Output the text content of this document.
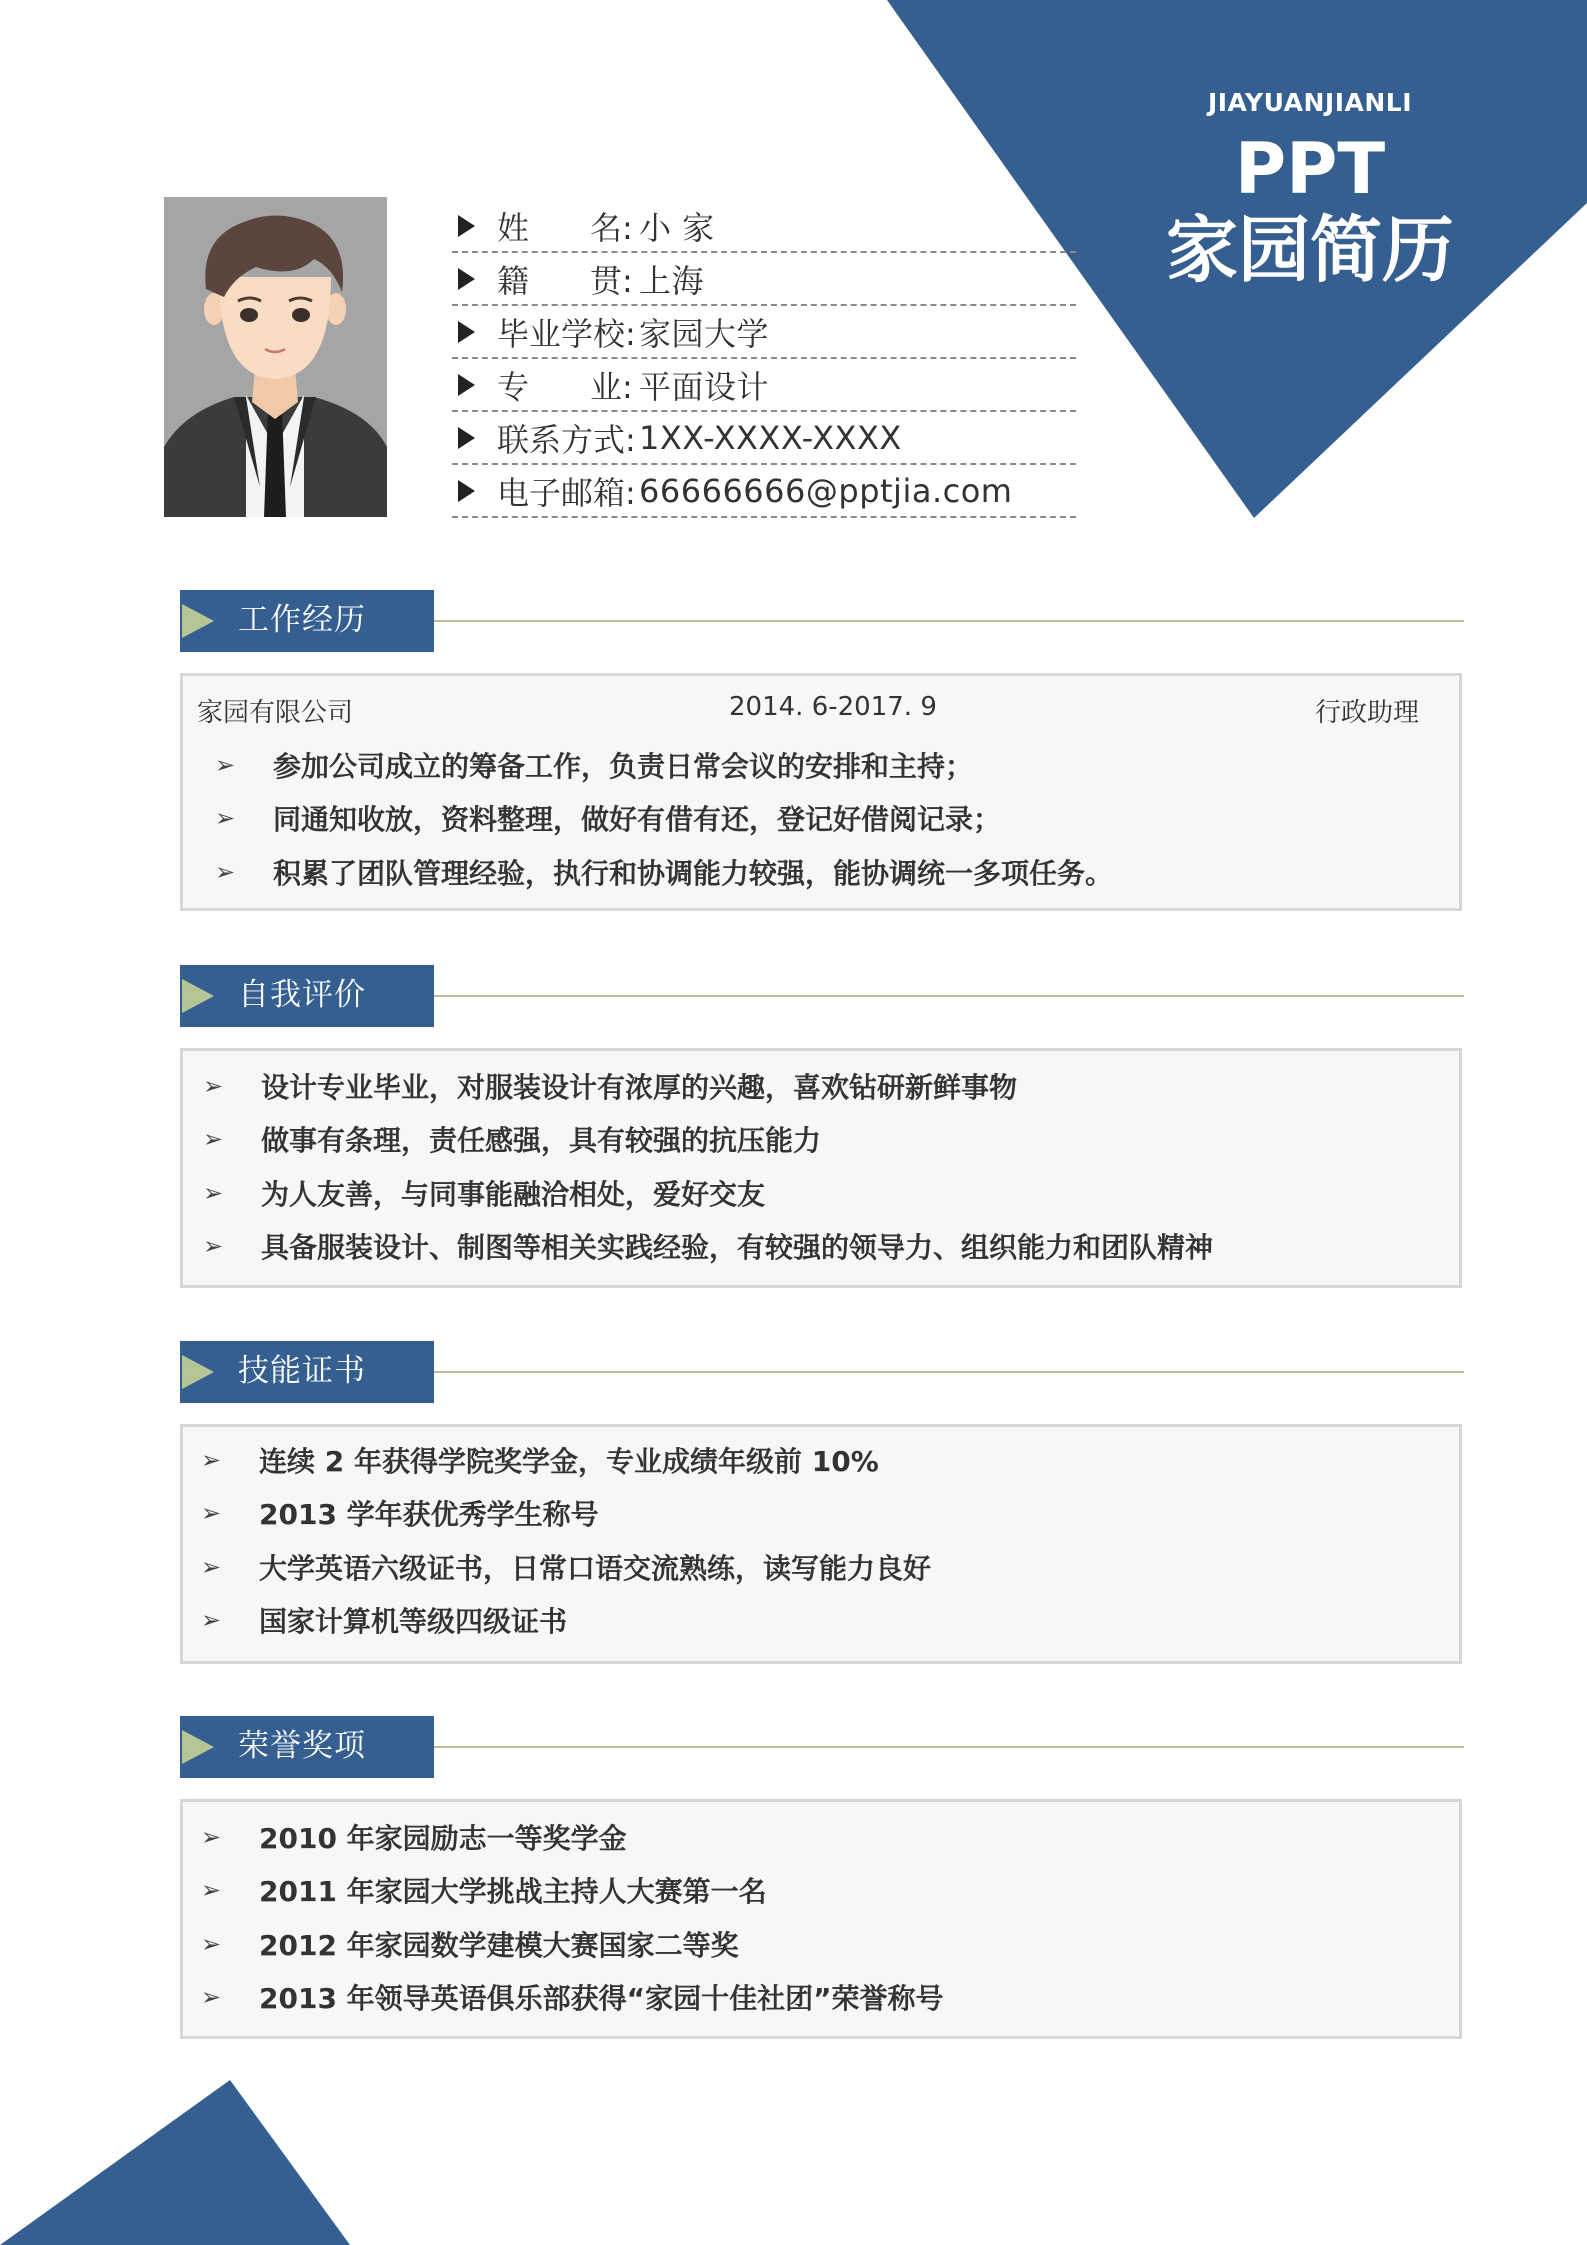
JIAYUANJIANLI
PPT
家园简历
姓      名: 小 家
籍      贯: 上海
毕业学校: 家园大学
专      业: 平面设计
联系方式: 1XX-XXXX-XXXX
电子邮箱: 66666666@pptjia.com
工作经历
家园有限公司	2014. 6-2017. 9	行政助理
➢ 参加公司成立的筹备工作，负责日常会议的安排和主持；
➢ 同通知收放，资料整理，做好有借有还，登记好借阅记录；
➢ 积累了团队管理经验，执行和协调能力较强，能协调统一多项任务。
自我评价
➢ 设计专业毕业，对服装设计有浓厚的兴趣，喜欢钻研新鲜事物
➢ 做事有条理，责任感强，具有较强的抗压能力
➢ 为人友善，与同事能融洽相处，爱好交友
➢ 具备服装设计、制图等相关实践经验，有较强的领导力、组织能力和团队精神
技能证书
➢ 连续 2 年获得学院奖学金，专业成绩年级前 10%
➢ 2013 学年获优秀学生称号
➢ 大学英语六级证书，日常口语交流熟练，读写能力良好
➢ 国家计算机等级四级证书
荣誉奖项
➢ 2010 年家园励志一等奖学金
➢ 2011 年家园大学挑战主持人大赛第一名
➢ 2012 年家园数学建模大赛国家二等奖
➢ 2013 年领导英语俱乐部获得“家园十佳社团”荣誉称号
